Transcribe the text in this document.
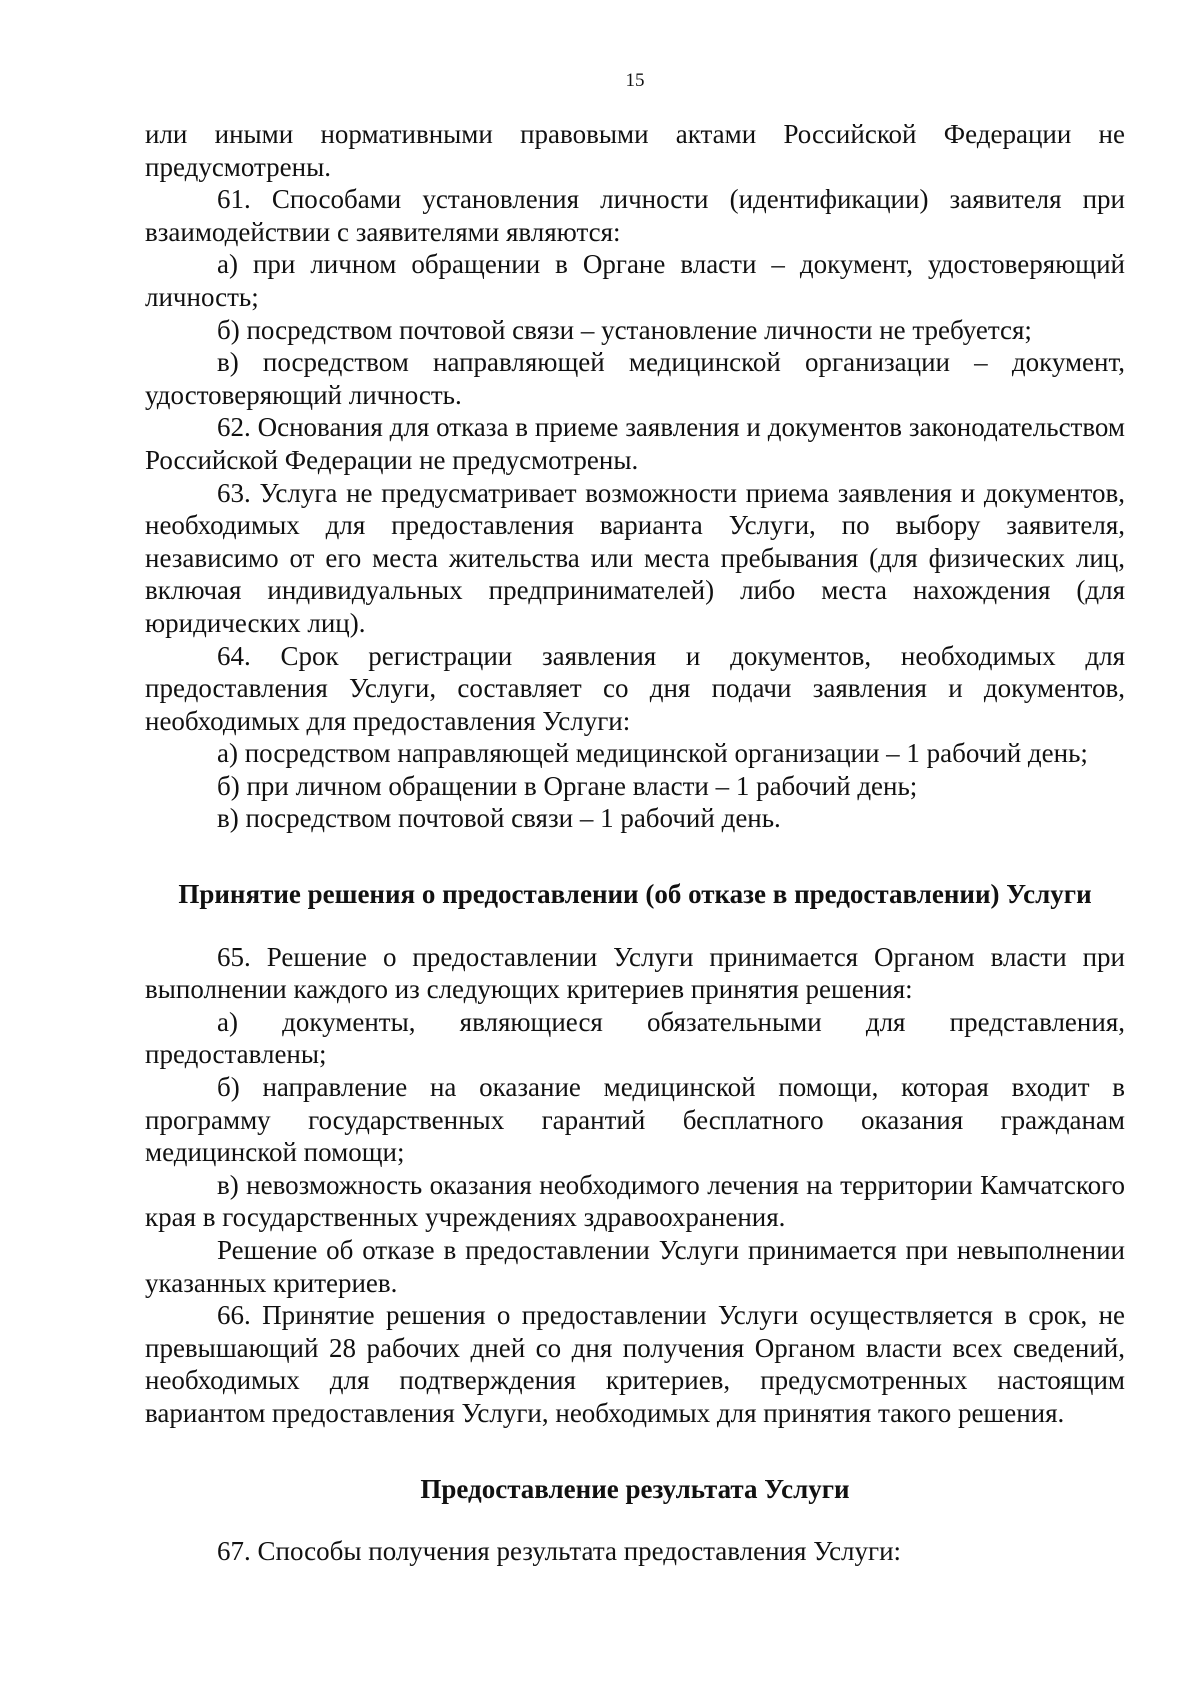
15

или иными нормативными правовыми актами Российской Федерации не предусмотрены.

61. Способами установления личности (идентификации) заявителя при взаимодействии с заявителями являются:

а) при личном обращении в Органе власти – документ, удостоверяющий личность;

б) посредством почтовой связи – установление личности не требуется;

в) посредством направляющей медицинской организации – документ, удостоверяющий личность.

62. Основания для отказа в приеме заявления и документов законодательством Российской Федерации не предусмотрены.

63. Услуга не предусматривает возможности приема заявления и документов, необходимых для предоставления варианта Услуги, по выбору заявителя, независимо от его места жительства или места пребывания (для физических лиц, включая индивидуальных предпринимателей) либо места нахождения (для юридических лиц).

64. Срок регистрации заявления и документов, необходимых для предоставления Услуги, составляет со дня подачи заявления и документов, необходимых для предоставления Услуги:

а) посредством направляющей медицинской организации – 1 рабочий день;

б) при личном обращении в Органе власти – 1 рабочий день;

в) посредством почтовой связи – 1 рабочий день.

Принятие решения о предоставлении (об отказе в предоставлении) Услуги

65. Решение о предоставлении Услуги принимается Органом власти при выполнении каждого из следующих критериев принятия решения:

а) документы, являющиеся обязательными для представления, предоставлены;

б) направление на оказание медицинской помощи, которая входит в программу государственных гарантий бесплатного оказания гражданам медицинской помощи;

в) невозможность оказания необходимого лечения на территории Камчатского края в государственных учреждениях здравоохранения.

Решение об отказе в предоставлении Услуги принимается при невыполнении указанных критериев.

66. Принятие решения о предоставлении Услуги осуществляется в срок, не превышающий 28 рабочих дней со дня получения Органом власти всех сведений, необходимых для подтверждения критериев, предусмотренных настоящим вариантом предоставления Услуги, необходимых для принятия такого решения.

Предоставление результата Услуги

67. Способы получения результата предоставления Услуги:
